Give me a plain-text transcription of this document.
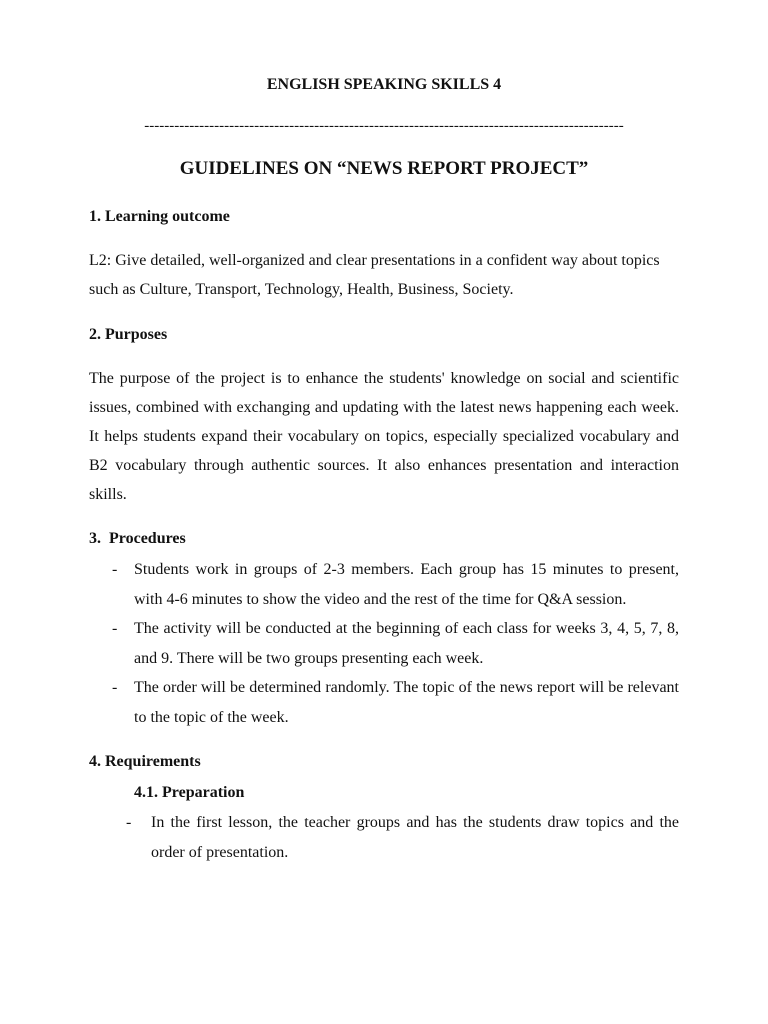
ENGLISH SPEAKING SKILLS 4

------------------------------------------------------------------------------------------------

GUIDELINES ON “NEWS REPORT PROJECT”

1. Learning outcome

L2: Give detailed, well-organized and clear presentations in a confident way about topics such as Culture, Transport, Technology, Health, Business, Society.

2. Purposes

The purpose of the project is to enhance the students' knowledge on social and scientific issues, combined with exchanging and updating with the latest news happening each week. It helps students expand their vocabulary on topics, especially specialized vocabulary and B2 vocabulary through authentic sources. It also enhances presentation and interaction skills.

3.  Procedures

- Students work in groups of 2-3 members. Each group has 15 minutes to present, with 4-6 minutes to show the video and the rest of the time for Q&A session.

- The activity will be conducted at the beginning of each class for weeks 3, 4, 5, 7, 8, and 9. There will be two groups presenting each week.

- The order will be determined randomly. The topic of the news report will be relevant to the topic of the week.

4. Requirements

4.1. Preparation

- In the first lesson, the teacher groups and has the students draw topics and the order of presentation.
